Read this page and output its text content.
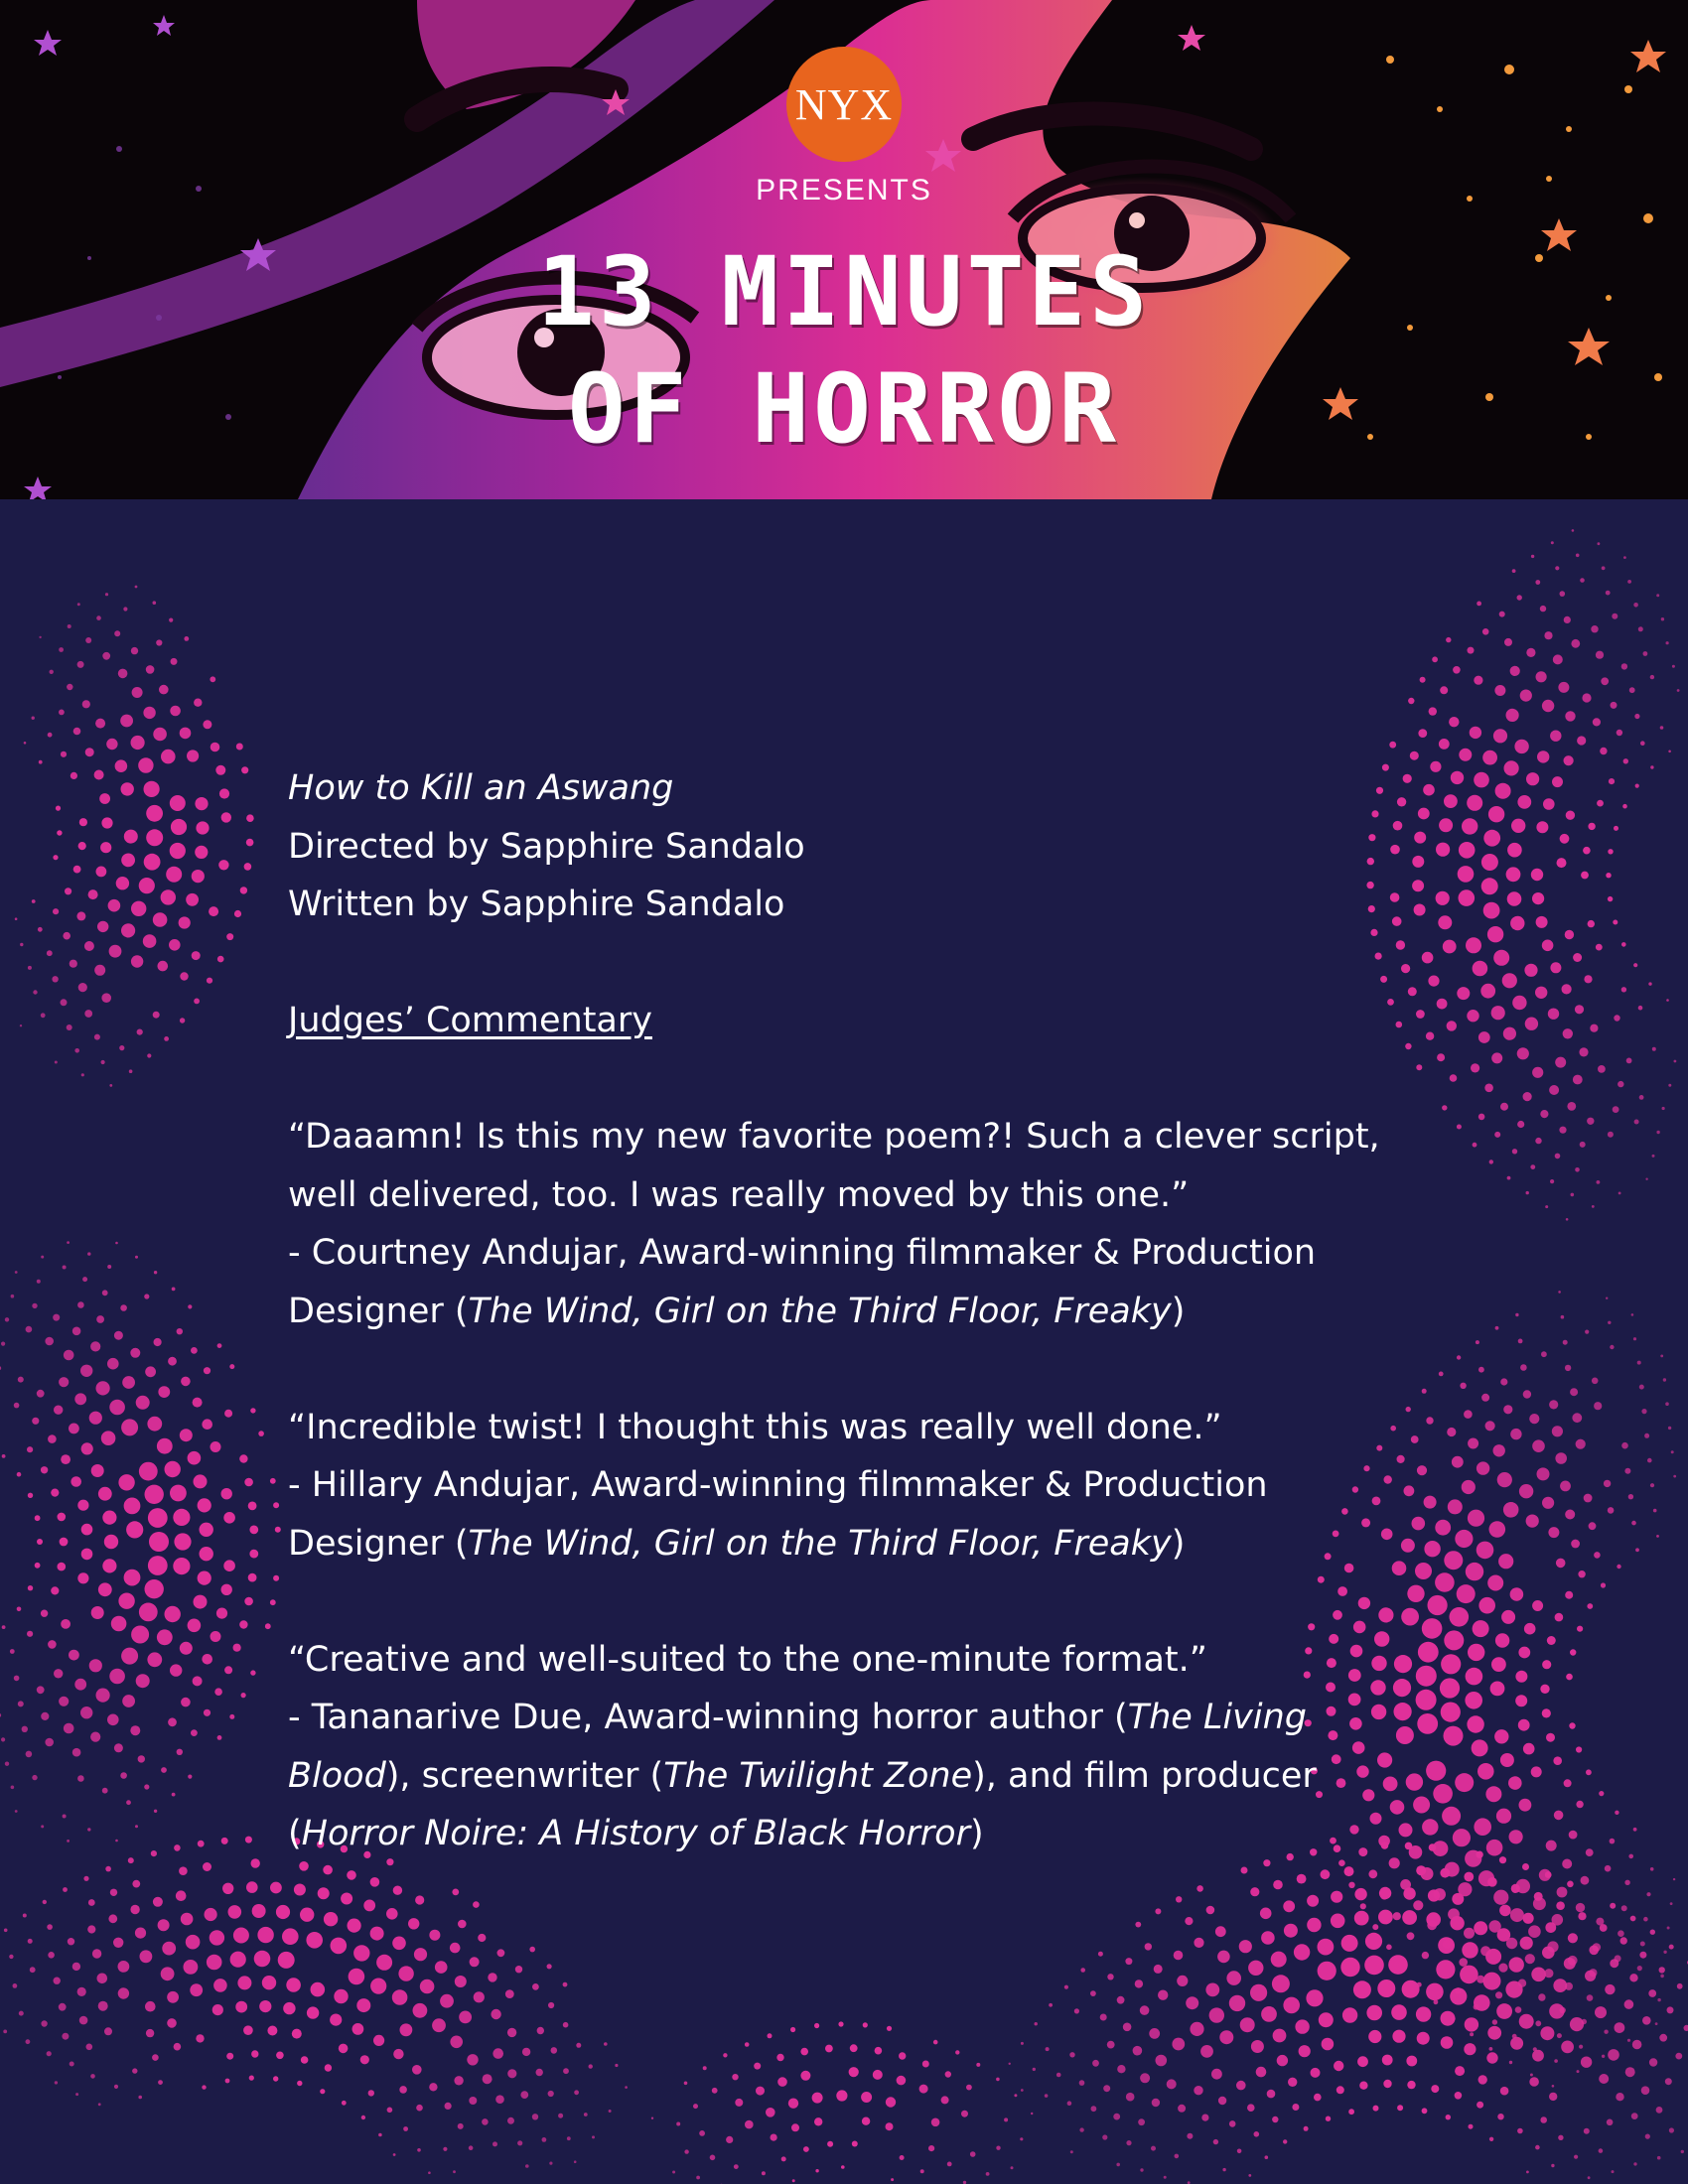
NYX
PRESENTS
13 MINUTES
OF HORROR

How to Kill an Aswang

Directed by Sapphire Sandalo

Written by Sapphire Sandalo

Judges’ Commentary

“Daaamn! Is this my new favorite poem?! Such a clever script, well delivered, too. I was really moved by this one.”

- Courtney Andujar, Award-winning filmmaker & Production Designer (The Wind, Girl on the Third Floor, Freaky)

“Incredible twist! I thought this was really well done.”

- Hillary Andujar, Award-winning filmmaker & Production Designer (The Wind, Girl on the Third Floor, Freaky)

“Creative and well-suited to the one-minute format.”

- Tananarive Due, Award-winning horror author (The Living Blood), screenwriter (The Twilight Zone), and film producer (Horror Noire: A History of Black Horror)
